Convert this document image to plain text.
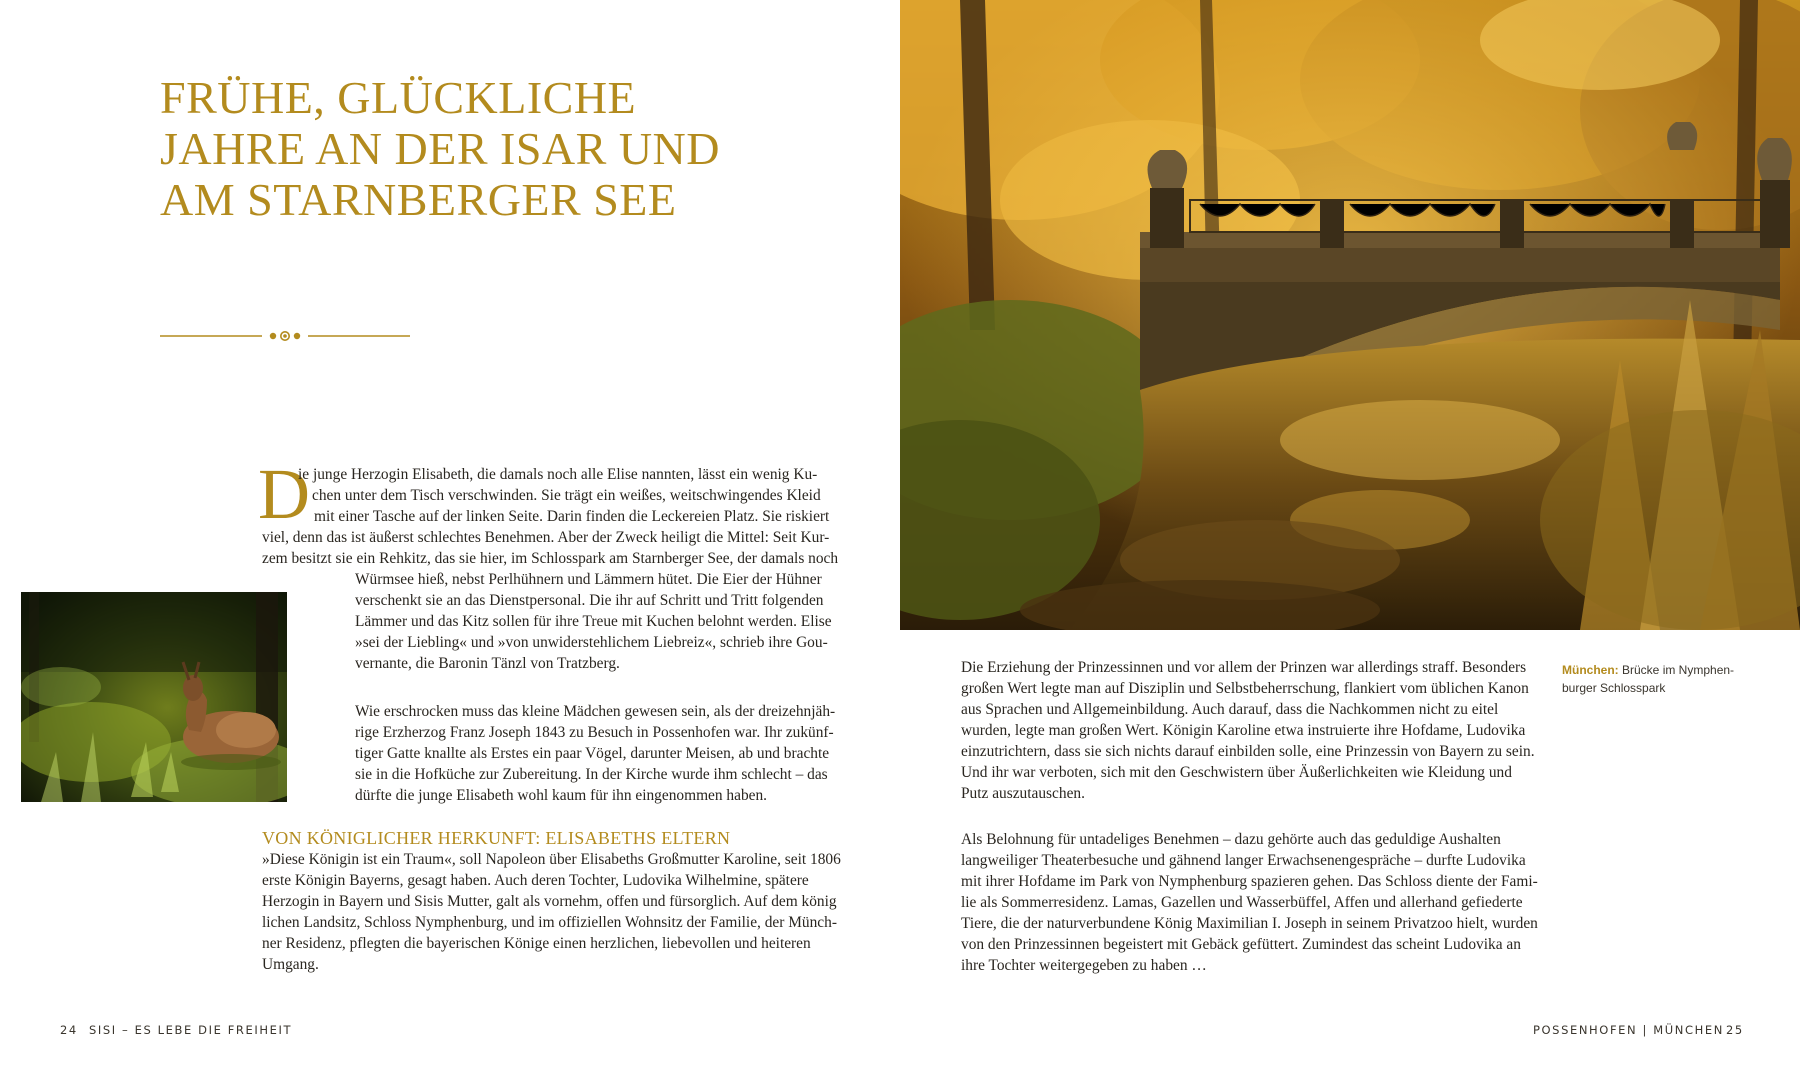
FRÜHE, GLÜCKLICHE
JAHRE AN DER ISAR UND
AM STARNBERGER SEE
D
ie junge Herzogin Elisabeth, die damals noch alle Elise nannten, lässt ein wenig Ku-
chen unter dem Tisch verschwinden. Sie trägt ein weißes, weitschwingendes Kleid
mit einer Tasche auf der linken Seite. Darin finden die Leckereien Platz. Sie riskiert
viel, denn das ist äußerst schlechtes Benehmen. Aber der Zweck heiligt die Mittel: Seit Kur-
zem besitzt sie ein Rehkitz, das sie hier, im Schlosspark am Starnberger See, der damals noch
Würmsee hieß, nebst Perlhühnern und Lämmern hütet. Die Eier der Hühner
verschenkt sie an das Dienstpersonal. Die ihr auf Schritt und Tritt folgenden
Lämmer und das Kitz sollen für ihre Treue mit Kuchen belohnt werden. Elise
»sei der Liebling« und »von unwiderstehlichem Liebreiz«, schrieb ihre Gou-
vernante, die Baronin Tänzl von Tratzberg.
Wie erschrocken muss das kleine Mädchen gewesen sein, als der dreizehnjäh-
rige Erzherzog Franz Joseph 1843 zu Besuch in Possenhofen war. Ihr zukünf-
tiger Gatte knallte als Erstes ein paar Vögel, darunter Meisen, ab und brachte
sie in die Hofküche zur Zubereitung. In der Kirche wurde ihm schlecht – das
dürfte die junge Elisabeth wohl kaum für ihn eingenommen haben.
VON KÖNIGLICHER HERKUNFT: ELISABETHS ELTERN
»Diese Königin ist ein Traum«, soll Napoleon über Elisabeths Großmutter Karoline, seit 1806
erste Königin Bayerns, gesagt haben. Auch deren Tochter, Ludovika Wilhelmine, spätere
Herzogin in Bayern und Sisis Mutter, galt als vornehm, offen und fürsorglich. Auf dem könig
lichen Landsitz, Schloss Nymphenburg, und im offiziellen Wohnsitz der Familie, der Münch-
ner Residenz, pflegten die bayerischen Könige einen herzlichen, liebevollen und heiteren
Umgang.
Die Erziehung der Prinzessinnen und vor allem der Prinzen war allerdings straff. Besonders
großen Wert legte man auf Disziplin und Selbstbeherrschung, flankiert vom üblichen Kanon
aus Sprachen und Allgemeinbildung. Auch darauf, dass die Nachkommen nicht zu eitel
wurden, legte man großen Wert. Königin Karoline etwa instruierte ihre Hofdame, Ludovika
einzutrichtern, dass sie sich nichts darauf einbilden solle, eine Prinzessin von Bayern zu sein.
Und ihr war verboten, sich mit den Geschwistern über Äußerlichkeiten wie Kleidung und
Putz auszutauschen.
Als Belohnung für untadeliges Benehmen – dazu gehörte auch das geduldige Aushalten
langweiliger Theaterbesuche und gähnend langer Erwachsenengespräche – durfte Ludovika
mit ihrer Hofdame im Park von Nymphenburg spazieren gehen. Das Schloss diente der Fami-
lie als Sommerresidenz. Lamas, Gazellen und Wasserbüffel, Affen und allerhand gefiederte
Tiere, die der naturverbundene König Maximilian I. Joseph in seinem Privatzoo hielt, wurden
von den Prinzessinnen begeistert mit Gebäck gefüttert. Zumindest das scheint Ludovika an
ihre Tochter weitergegeben zu haben …
München: Brücke im Nymphen-
burger Schlosspark
24 SISI – ES LEBE DIE FREIHEIT	POSSENHOFEN | MÜNCHEN 25
